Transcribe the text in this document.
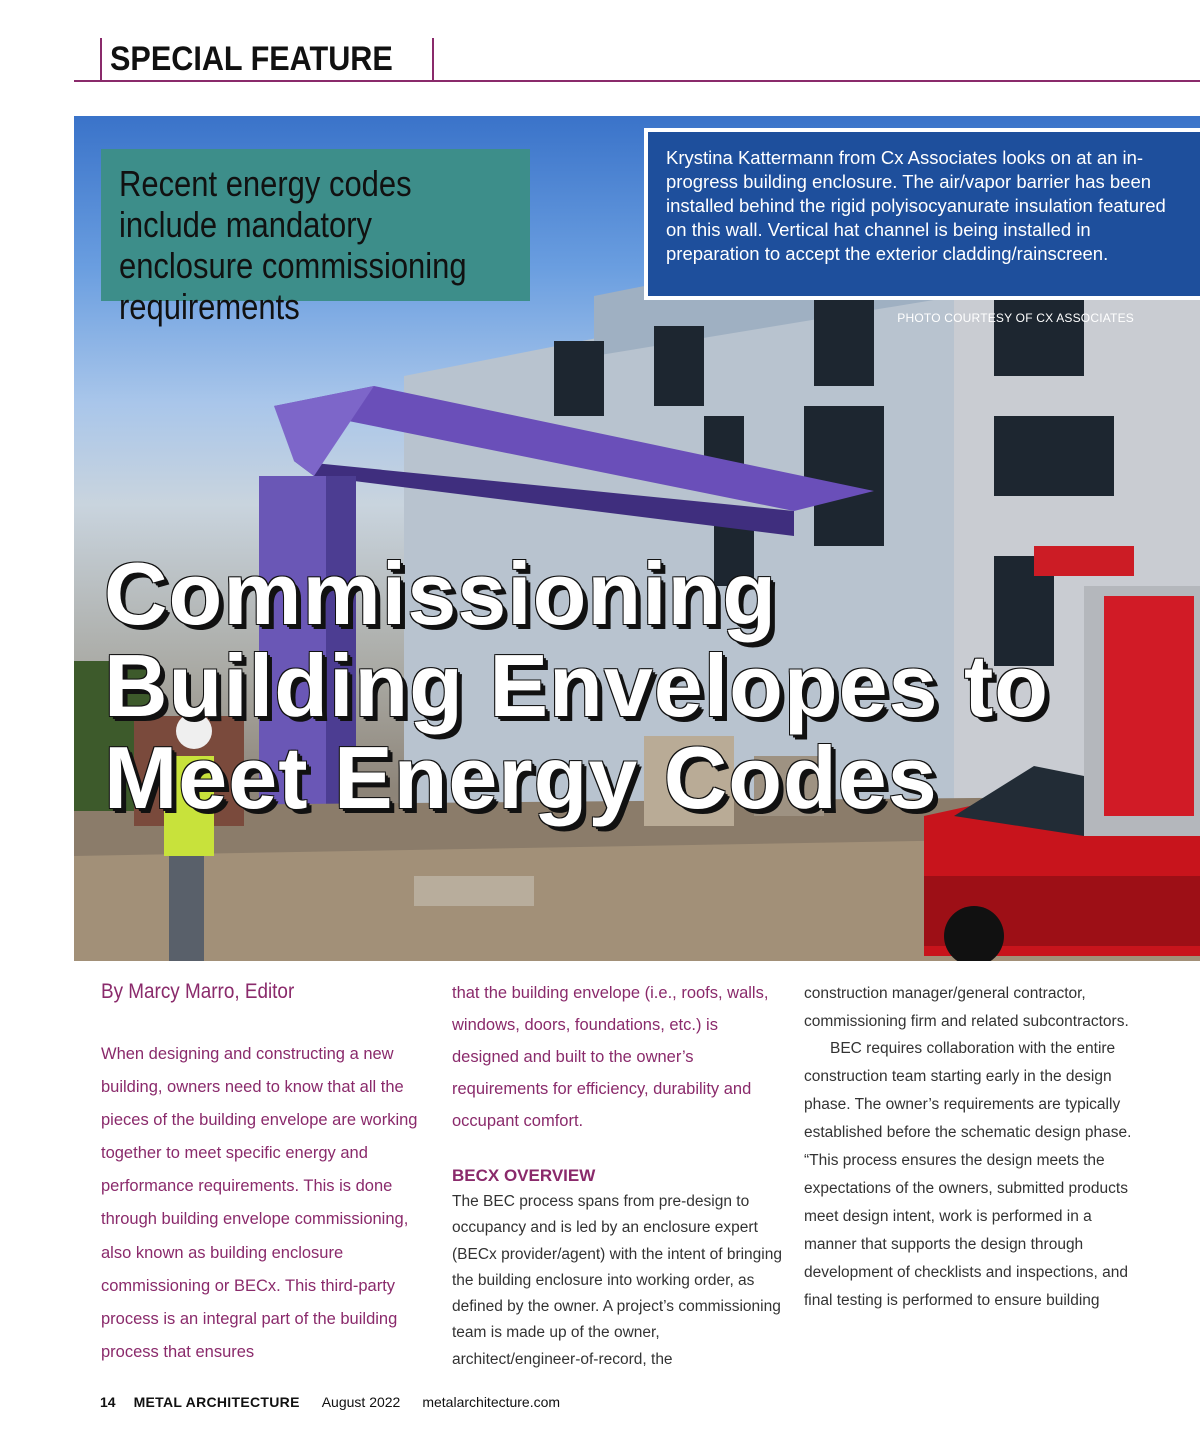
SPECIAL FEATURE
Recent energy codes include mandatory enclosure commissioning requirements
Krystina Kattermann from Cx Associates looks on at an in-progress building enclosure. The air/vapor barrier has been installed behind the rigid polyisocyanurate insulation featured on this wall. Vertical hat channel is being installed in preparation to accept the exterior cladding/rainscreen.
PHOTO COURTESY OF CX ASSOCIATES
Commissioning Building Envelopes to Meet Energy Codes
By Marcy Marro, Editor
When designing and constructing a new building, owners need to know that all the pieces of the building envelope are working together to meet specific energy and performance requirements. This is done through building envelope commissioning, also known as building enclosure commissioning or BECx. This third-party process is an integral part of the building process that ensures
that the building envelope (i.e., roofs, walls, windows, doors, foundations, etc.) is designed and built to the owner’s requirements for efficiency, durability and occupant comfort.
BECX OVERVIEW
The BEC process spans from pre-design to occupancy and is led by an enclosure expert (BECx provider/agent) with the intent of bringing the building enclosure into working order, as defined by the owner. A project’s commissioning team is made up of the owner, architect/engineer-of-record, the
construction manager/general contractor, commissioning firm and related subcontractors.
BEC requires collaboration with the entire construction team starting early in the design phase. The owner’s requirements are typically established before the schematic design phase. “This process ensures the design meets the expectations of the owners, submitted products meet design intent, work is performed in a manner that supports the design through development of checklists and inspections, and final testing is performed to ensure building
14 METAL ARCHITECTURE August 2022 metalarchitecture.com
